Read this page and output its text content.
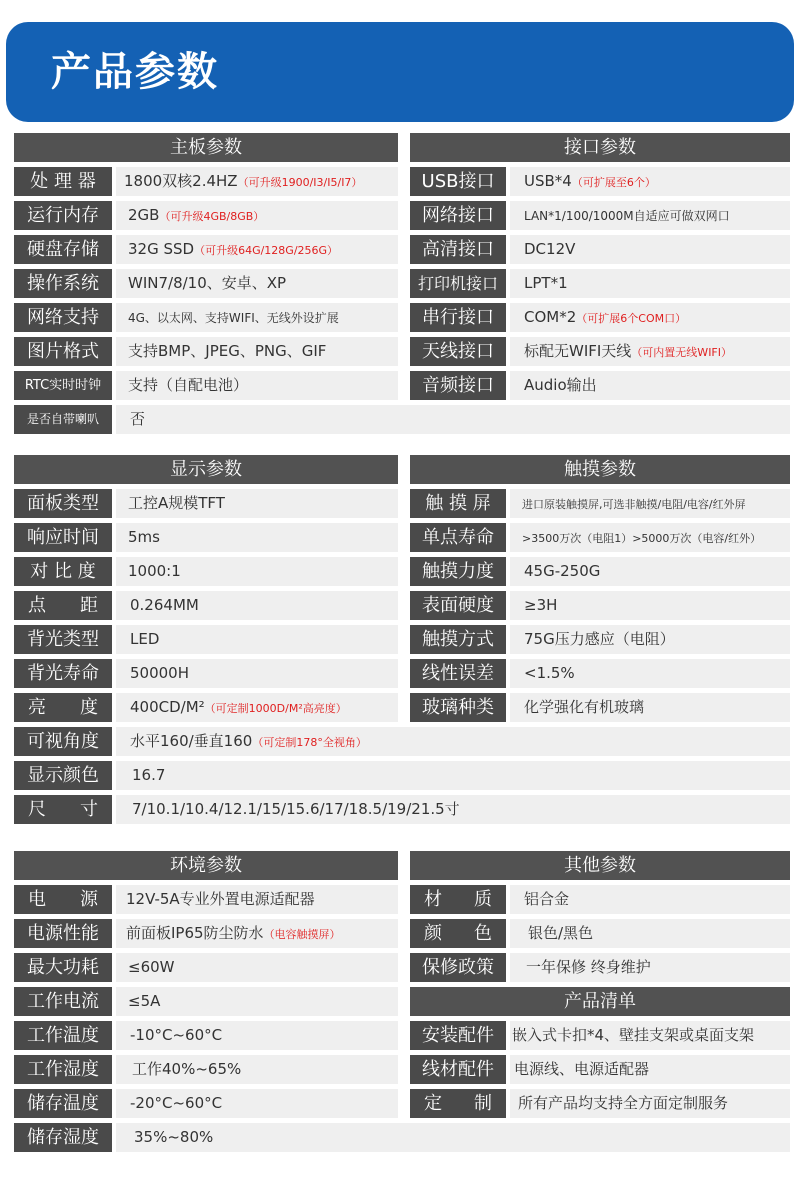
产品参数
主板参数
处 理 器	1800双核2.4HZ（可升级1900/I3/I5/I7）
运行内存	2GB（可升级4GB/8GB）
硬盘存储	32G SSD（可升级64G/128G/256G）
操作系统	WIN7/8/10、安卓、XP
网络支持	4G、以太网、支持WIFI、无线外设扩展
图片格式	支持BMP、JPEG、PNG、GIF
RTC实时时钟	支持（自配电池）
是否自带喇叭	否
接口参数
USB接口	USB*4（可扩展至6个）
网络接口	LAN*1/100/1000M自适应可做双网口
高清接口	DC12V
打印机接口	LPT*1
串行接口	COM*2（可扩展6个COM口）
天线接口	标配无WIFI天线（可内置无线WIFI）
音频接口	Audio输出
显示参数
面板类型	工控A规模TFT
响应时间	5ms
对 比 度	1000:1
点 距	0.264MM
背光类型	LED
背光寿命	50000H
亮 度	400CD/M²（可定制1000D/M²高亮度）
可视角度	水平160/垂直160（可定制178°全视角）
显示颜色	16.7
尺 寸	7/10.1/10.4/12.1/15/15.6/17/18.5/19/21.5寸
触摸参数
触 摸 屏	进口原装触摸屏,可选非触摸/电阻/电容/红外屏
单点寿命	>3500万次（电阻1）>5000万次（电容/红外）
触摸力度	45G-250G
表面硬度	≥3H
触摸方式	75G压力感应（电阻）
线性误差	<1.5%
玻璃种类	化学强化有机玻璃
环境参数
电 源	12V-5A专业外置电源适配器
电源性能	前面板IP65防尘防水（电容触摸屏）
最大功耗	≤60W
工作电流	≤5A
工作温度	-10°C~60°C
工作湿度	工作40%~65%
储存温度	-20°C~60°C
储存湿度	35%~80%
其他参数
材 质	铝合金
颜 色	银色/黑色
保修政策	一年保修 终身维护
产品清单
安装配件	嵌入式卡扣*4、壁挂支架或桌面支架
线材配件	电源线、电源适配器
定 制	所有产品均支持全方面定制服务
